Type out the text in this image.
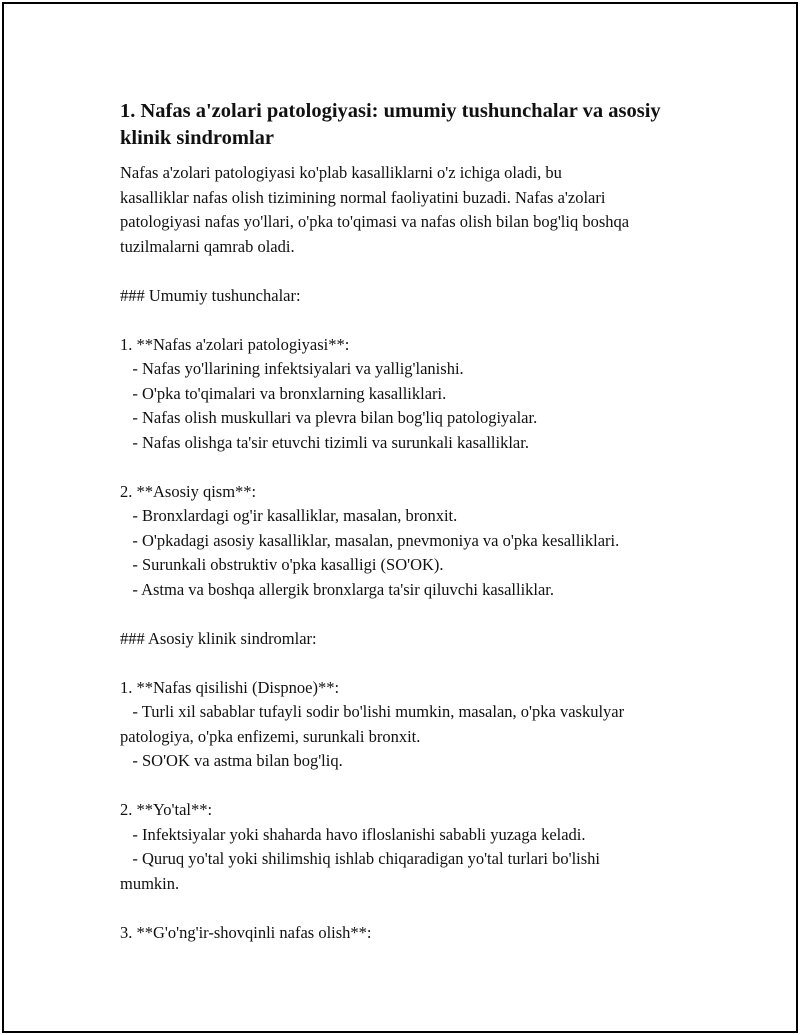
1. Nafas a'zolari patologiyasi: umumiy tushunchalar va asosiy klinik sindromlar
Nafas a'zolari patologiyasi ko'plab kasalliklarni o'z ichiga oladi, bu
kasalliklar nafas olish tizimining normal faoliyatini buzadi. Nafas a'zolari
patologiyasi nafas yo'llari, o'pka to'qimasi va nafas olish bilan bog'liq boshqa
tuzilmalarni qamrab oladi.
### Umumiy tushunchalar:
1. **Nafas a'zolari patologiyasi**:
- Nafas yo'llarining infektsiyalari va yallig'lanishi.
- O'pka to'qimalari va bronxlarning kasalliklari.
- Nafas olish muskullari va plevra bilan bog'liq patologiyalar.
- Nafas olishga ta'sir etuvchi tizimli va surunkali kasalliklar.
2. **Asosiy qism**:
- Bronxlardagi og'ir kasalliklar, masalan, bronxit.
- O'pkadagi asosiy kasalliklar, masalan, pnevmoniya va o'pka kesalliklari.
- Surunkali obstruktiv o'pka kasalligi (SO'OK).
- Astma va boshqa allergik bronxlarga ta'sir qiluvchi kasalliklar.
### Asosiy klinik sindromlar:
1. **Nafas qisilishi (Dispnoe)**:
- Turli xil sabablar tufayli sodir bo'lishi mumkin, masalan, o'pka vaskulyar
patologiya, o'pka enfizemi, surunkali bronxit.
- SO'OK va astma bilan bog'liq.
2. **Yo'tal**:
- Infektsiyalar yoki shaharda havo ifloslanishi sababli yuzaga keladi.
- Quruq yo'tal yoki shilimshiq ishlab chiqaradigan yo'tal turlari bo'lishi
mumkin.
3. **G'o'ng'ir-shovqinli nafas olish**:
